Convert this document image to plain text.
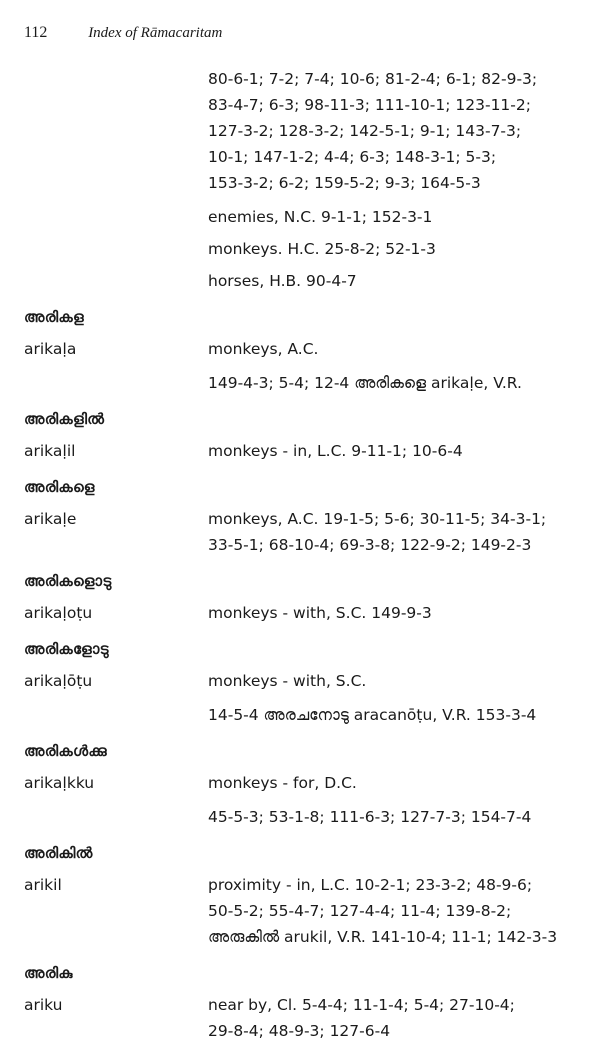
112	Index of Rāmacaritam
80-6-1; 7-2; 7-4; 10-6; 81-2-4; 6-1; 82-9-3;
83-4-7; 6-3; 98-11-3; 111-10-1; 123-11-2;
127-3-2; 128-3-2; 142-5-1; 9-1; 143-7-3;
10-1; 147-1-2; 4-4; 6-3; 148-3-1; 5-3;
153-3-2; 6-2; 159-5-2; 9-3; 164-5-3
enemies, N.C. 9-1-1; 152-3-1
monkeys. H.C. 25-8-2; 52-1-3
horses, H.B. 90-4-7
അരികള
arikaḷa	monkeys, A.C.
149-4-3; 5-4; 12-4 അരികളെ arikaḷe, V.R.
അരികളിൽ
arikaḷil	monkeys - in, L.C. 9-11-1; 10-6-4
അരികളെ
arikaḷe	monkeys, A.C. 19-1-5; 5-6; 30-11-5; 34-3-1;
33-5-1; 68-10-4; 69-3-8; 122-9-2; 149-2-3
അരികളൊടു
arikaḷoṭu	monkeys - with, S.C. 149-9-3
അരികളോടു
arikaḷōṭu	monkeys - with, S.C.
14-5-4 അരചനോടു aracanōṭu, V.R. 153-3-4
അരികൾക്കു
arikaḷkku	monkeys - for, D.C.
45-5-3; 53-1-8; 111-6-3; 127-7-3; 154-7-4
അരികിൽ
arikil	proximity - in, L.C. 10-2-1; 23-3-2; 48-9-6;
50-5-2; 55-4-7; 127-4-4; 11-4; 139-8-2;
അരുകിൽ arukil, V.R. 141-10-4; 11-1; 142-3-3
അരികു
ariku	near by, Cl. 5-4-4; 11-1-4; 5-4; 27-10-4;
29-8-4; 48-9-3; 127-6-4
